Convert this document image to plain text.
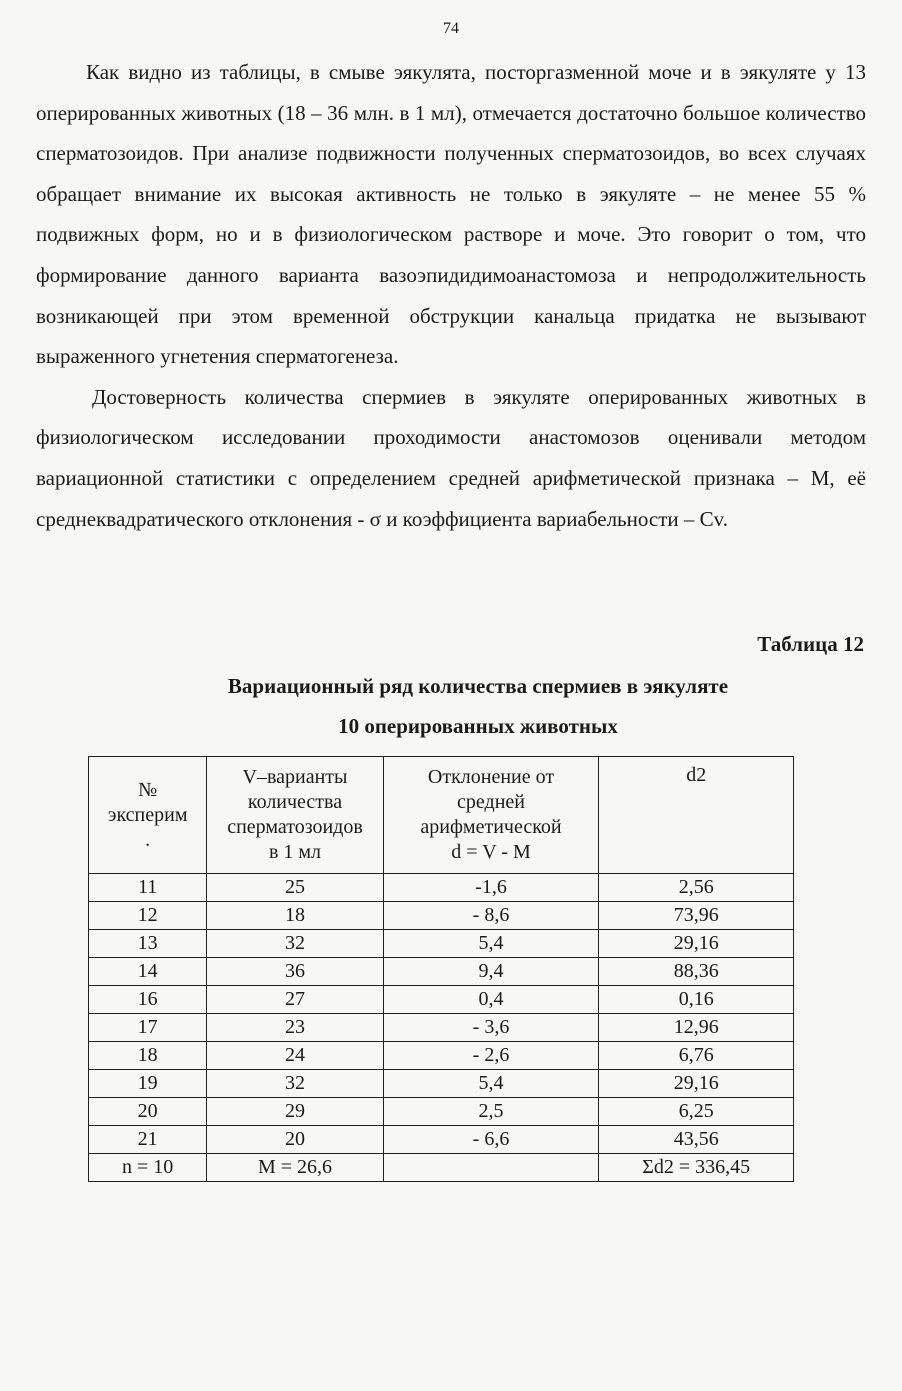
74

Как видно из таблицы, в смыве эякулята, посторгазменной моче и в эякуляте у 13 оперированных животных (18 – 36 млн. в 1 мл), отмечается достаточно большое количество сперматозоидов. При анализе подвижности полученных сперматозоидов, во всех случаях обращает внимание их высокая активность не только в эякуляте – не менее 55 % подвижных форм, но и в физиологическом растворе и моче. Это говорит о том, что формирование данного варианта вазоэпидидимоанастомоза и непродолжительность возникающей при этом временной обструкции канальца придатка не вызывают выраженного угнетения сперматогенеза.

Достоверность количества спермиев в эякуляте оперированных животных в физиологическом исследовании проходимости анастомозов оценивали методом вариационной статистики с определением средней арифметической признака – М, её среднеквадратического отклонения - σ и коэффициента вариабельности – Cv.

Таблица 12
Вариационный ряд количества спермиев в эякуляте
10 оперированных животных
№
эксперим
.	V–варианты
количества
сперматозоидов
в 1 мл	Отклонение от
средней
арифметической
d = V - M	d2
11	25	-1,6	2,56
12	18	- 8,6	73,96
13	32	5,4	29,16
14	36	9,4	88,36
16	27	0,4	0,16
17	23	- 3,6	12,96
18	24	- 2,6	6,76
19	32	5,4	29,16
20	29	2,5	6,25
21	20	- 6,6	43,56
n = 10	М = 26,6		Σd2 = 336,45
